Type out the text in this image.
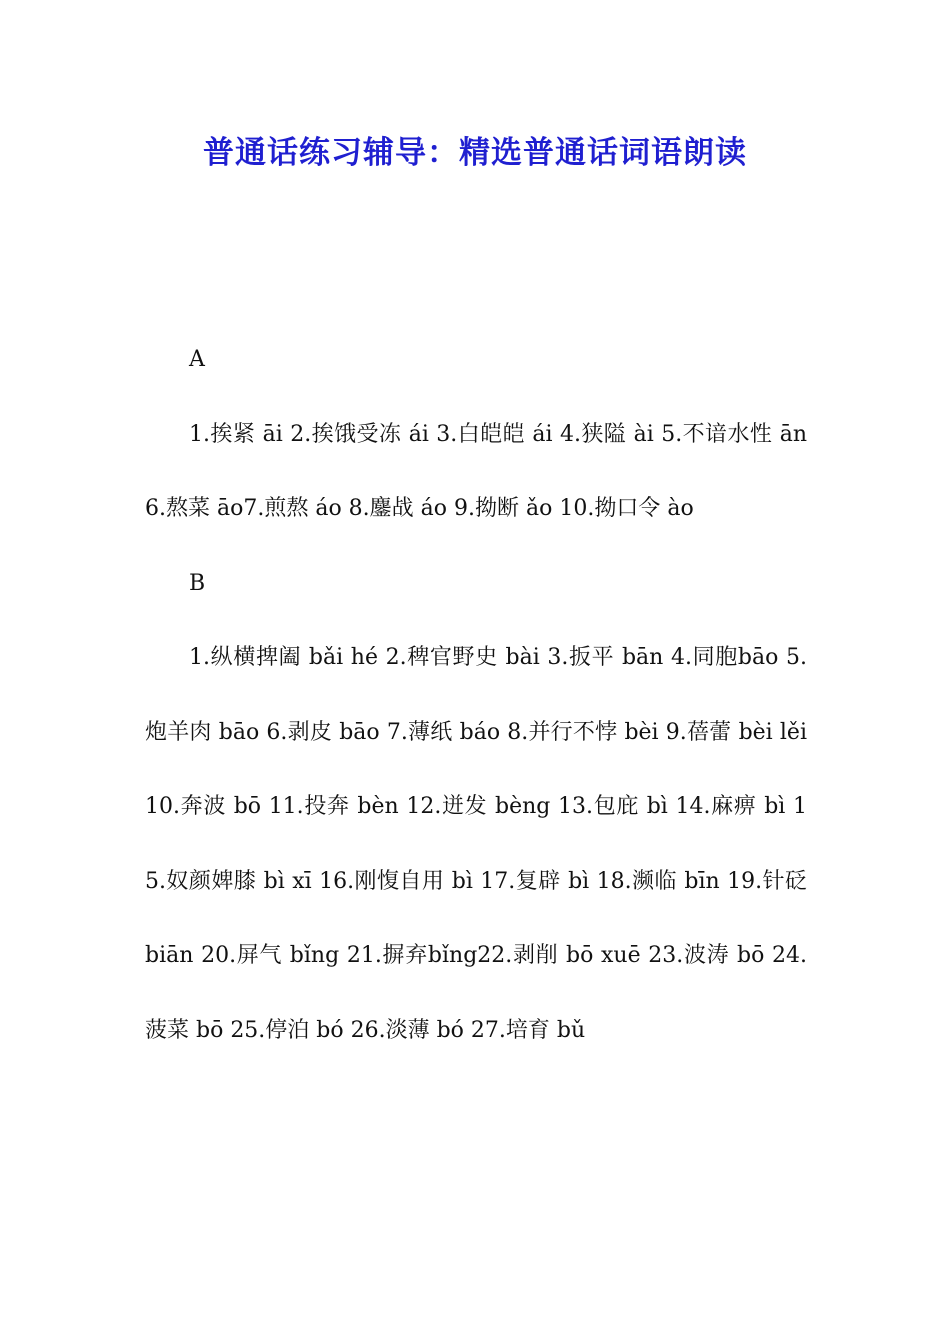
普通话练习辅导：精选普通话词语朗读

A

1.挨紧 āi 2.挨饿受冻 ái 3.白皑皑 ái 4.狭隘 ài 5.不谙水性 ān 6.熬菜 āo7.煎熬 áo 8.鏖战 áo 9.拗断 ǎo 10.拗口令 ào

B

1.纵横捭阖 bǎi hé 2.稗官野史 bài 3.扳平 bān 4.同胞bāo 5. 炮羊肉 bāo 6.剥皮 bāo 7.薄纸 báo 8.并行不悖 bèi 9.蓓蕾 bèi lěi 10.奔波 bō 11.投奔 bèn 12.迸发 bèng 13.包庇 bì 14.麻痹 bì 15.奴颜婢膝 bì xī 16.刚愎自用 bì 17.复辟 bì 18.濒临 bīn 19.针砭 biān 20.屏气 bǐng 21.摒弃bǐng22.剥削 bō xuē 23.波涛 bō 24.菠菜 bō 25.停泊 bó 26.淡薄 bó 27.培育 bǔ
